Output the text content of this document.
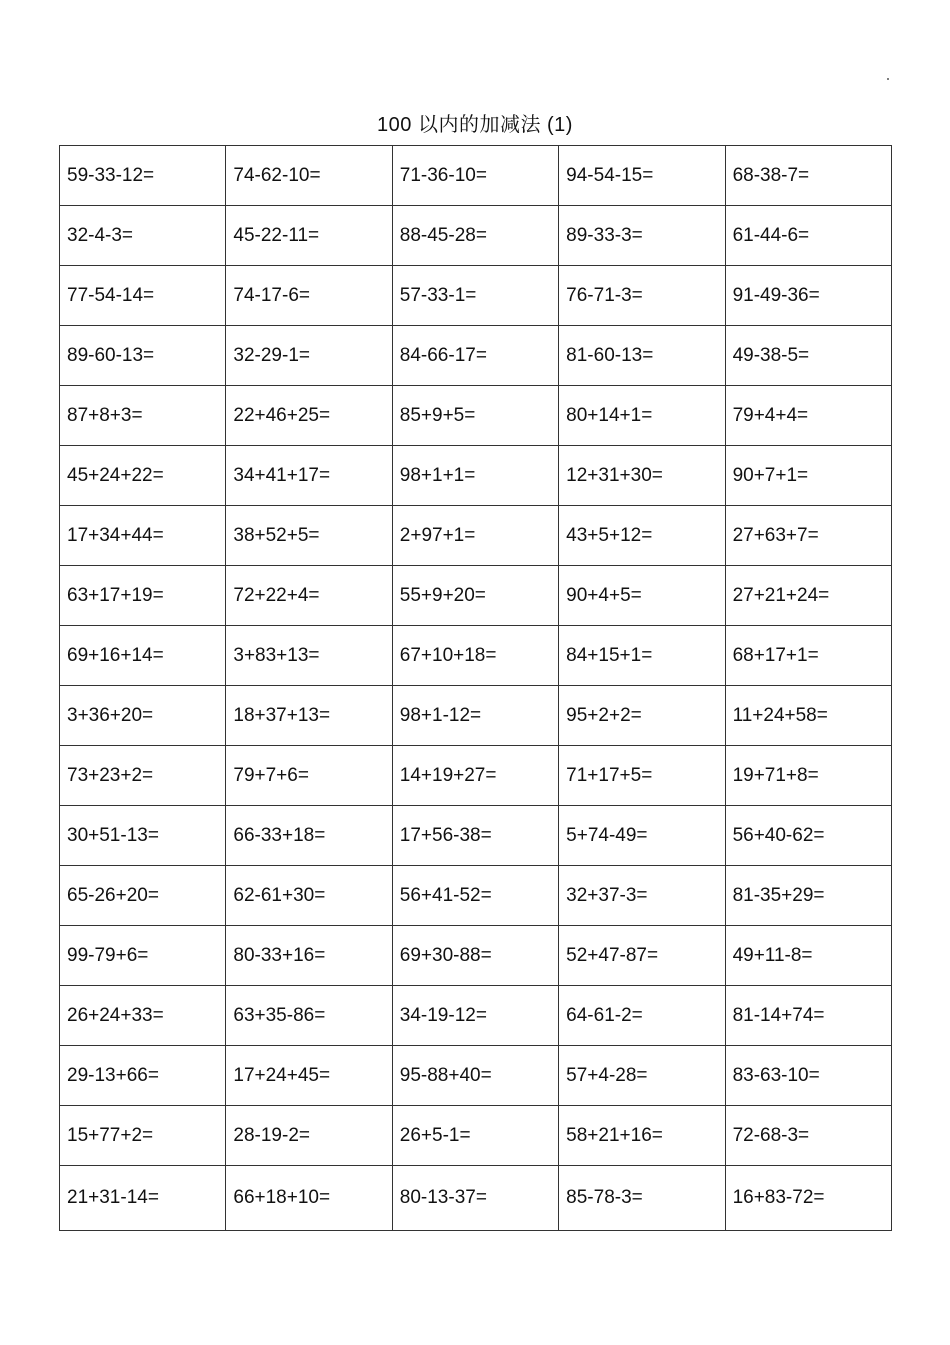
100 以内的加减法 (1)
59-33-12=	74-62-10=	71-36-10=	94-54-15=	68-38-7=
32-4-3=	45-22-11=	88-45-28=	89-33-3=	61-44-6=
77-54-14=	74-17-6=	57-33-1=	76-71-3=	91-49-36=
89-60-13=	32-29-1=	84-66-17=	81-60-13=	49-38-5=
87+8+3=	22+46+25=	85+9+5=	80+14+1=	79+4+4=
45+24+22=	34+41+17=	98+1+1=	12+31+30=	90+7+1=
17+34+44=	38+52+5=	2+97+1=	43+5+12=	27+63+7=
63+17+19=	72+22+4=	55+9+20=	90+4+5=	27+21+24=
69+16+14=	3+83+13=	67+10+18=	84+15+1=	68+17+1=
3+36+20=	18+37+13=	98+1-12=	95+2+2=	11+24+58=
73+23+2=	79+7+6=	14+19+27=	71+17+5=	19+71+8=
30+51-13=	66-33+18=	17+56-38=	5+74-49=	56+40-62=
65-26+20=	62-61+30=	56+41-52=	32+37-3=	81-35+29=
99-79+6=	80-33+16=	69+30-88=	52+47-87=	49+11-8=
26+24+33=	63+35-86=	34-19-12=	64-61-2=	81-14+74=
29-13+66=	17+24+45=	95-88+40=	57+4-28=	83-63-10=
15+77+2=	28-19-2=	26+5-1=	58+21+16=	72-68-3=
21+31-14=	66+18+10=	80-13-37=	85-78-3=	16+83-72=
